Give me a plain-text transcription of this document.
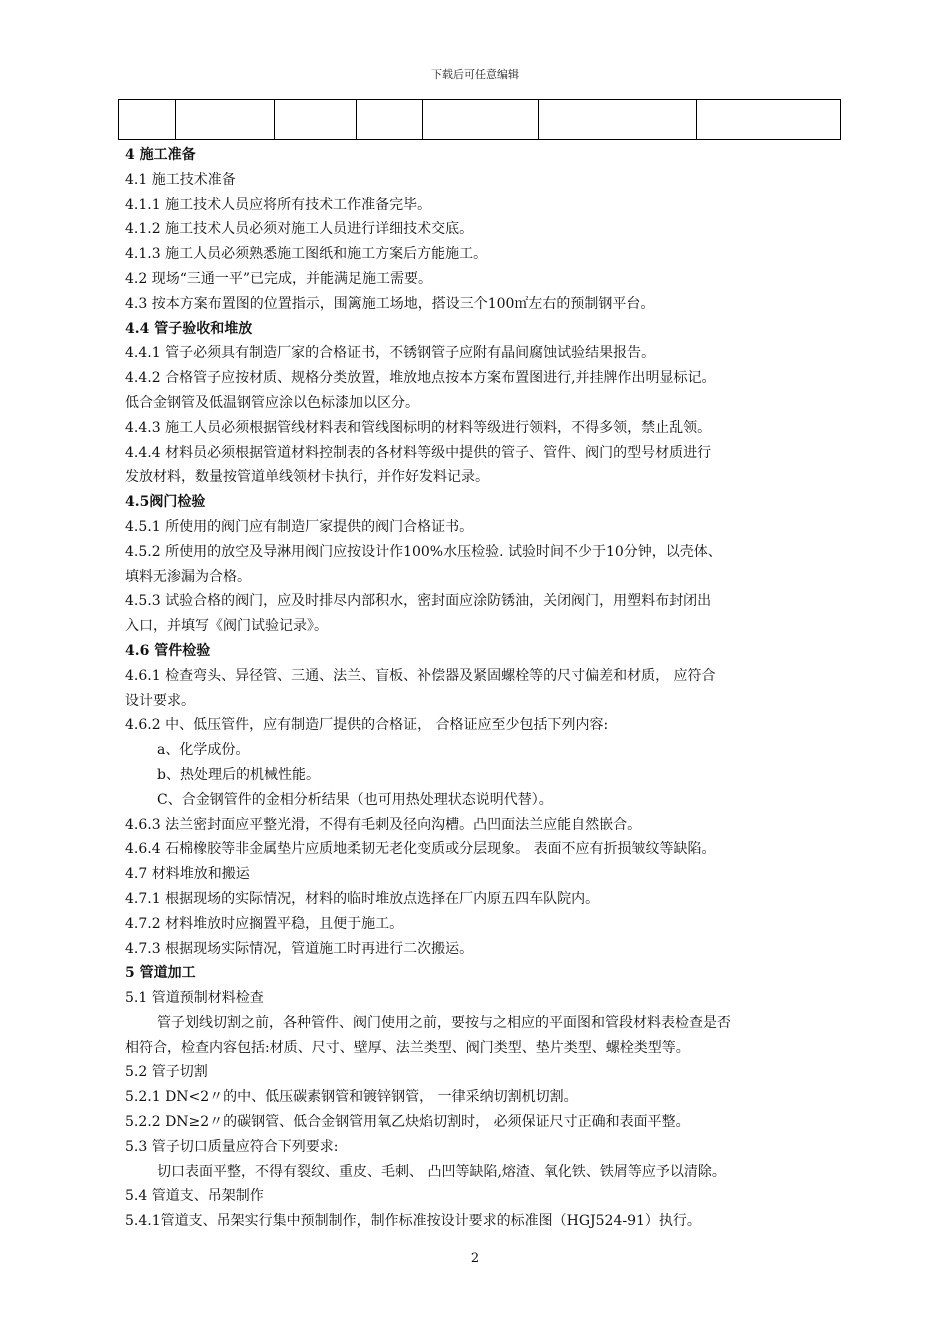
下载后可任意编辑

4 施工准备
4.1 施工技术准备
4.1.1 施工技术人员应将所有技术工作准备完毕。
4.1.2 施工技术人员必须对施工人员进行详细技术交底。
4.1.3 施工人员必须熟悉施工图纸和施工方案后方能施工。
4.2 现场“三通一平”已完成，并能满足施工需要。
4.3 按本方案布置图的位置指示，围篱施工场地，搭设三个100㎡左右的预制钢平台。
4.4 管子验收和堆放
4.4.1 管子必须具有制造厂家的合格证书，不锈钢管子应附有晶间腐蚀试验结果报告。
4.4.2 合格管子应按材质、规格分类放置，堆放地点按本方案布置图进行,并挂牌作出明显标记。
低合金钢管及低温钢管应涂以色标漆加以区分。
4.4.3 施工人员必须根据管线材料表和管线图标明的材料等级进行领料，不得多领，禁止乱领。
4.4.4 材料员必须根据管道材料控制表的各材料等级中提供的管子、管件、阀门的型号材质进行
发放材料，数量按管道单线领材卡执行，并作好发料记录。
4.5阀门检验
4.5.1 所使用的阀门应有制造厂家提供的阀门合格证书。
4.5.2 所使用的放空及导淋用阀门应按设计作100%水压检验. 试验时间不少于10分钟，以壳体、
填料无渗漏为合格。
4.5.3 试验合格的阀门，应及时排尽内部积水，密封面应涂防锈油，关闭阀门，用塑料布封闭出
入口，并填写《阀门试验记录》。
4.6 管件检验
4.6.1 检查弯头、异径管、三通、法兰、盲板、补偿器及紧固螺栓等的尺寸偏差和材质， 应符合
设计要求。
4.6.2 中、低压管件，应有制造厂提供的合格证， 合格证应至少包括下列内容:
a、化学成份。
b、热处理后的机械性能。
C、合金钢管件的金相分析结果（也可用热处理状态说明代替）。
4.6.3 法兰密封面应平整光滑，不得有毛刺及径向沟槽。凸凹面法兰应能自然嵌合。
4.6.4 石棉橡胶等非金属垫片应质地柔韧无老化变质或分层现象。 表面不应有折损皱纹等缺陷。
4.7 材料堆放和搬运
4.7.1 根据现场的实际情况，材料的临时堆放点选择在厂内原五四车队院内。
4.7.2 材料堆放时应搁置平稳，且便于施工。
4.7.3 根据现场实际情况，管道施工时再进行二次搬运。
5 管道加工
5.1 管道预制材料检查
管子划线切割之前，各种管件、阀门使用之前，要按与之相应的平面图和管段材料表检查是否
相符合，检查内容包括:材质、尺寸、壁厚、法兰类型、阀门类型、垫片类型、螺栓类型等。
5.2 管子切割
5.2.1 DN<2〃的中、低压碳素钢管和镀锌钢管， 一律采纳切割机切割。
5.2.2 DN≥2〃的碳钢管、低合金钢管用氧乙炔焰切割时， 必须保证尺寸正确和表面平整。
5.3 管子切口质量应符合下列要求:
切口表面平整，不得有裂纹、重皮、毛刺、 凸凹等缺陷,熔渣、氧化铁、铁屑等应予以清除。
5.4 管道支、吊架制作
5.4.1管道支、吊架实行集中预制制作，制作标准按设计要求的标准图（HGJ524-91）执行。
2
